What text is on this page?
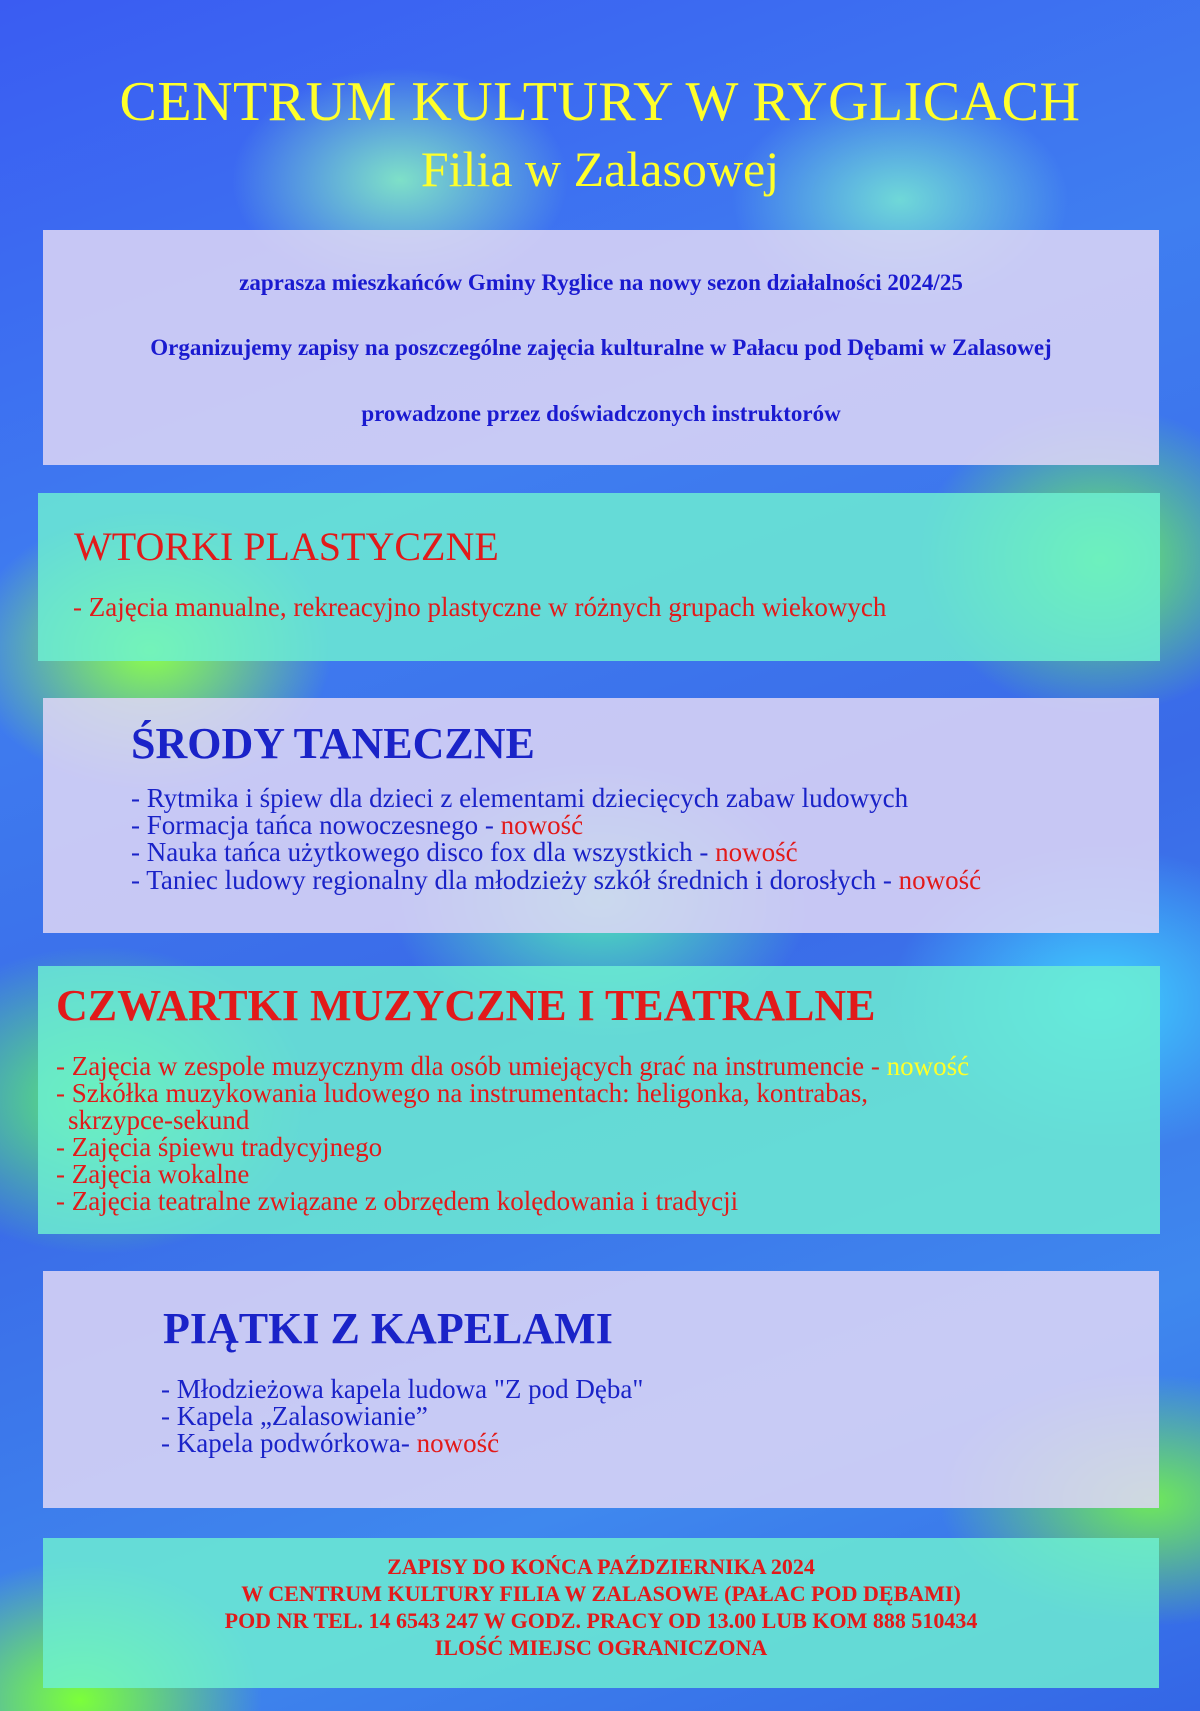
CENTRUM KULTURY W RYGLICACH
Filia w Zalasowej

zaprasza mieszkańców Gminy Ryglice na nowy sezon działalności 2024/25

Organizujemy zapisy na poszczególne zajęcia kulturalne w Pałacu pod Dębami w Zalasowej

prowadzone przez doświadczonych instruktorów

WTORKI PLASTYCZNE

- Zajęcia manualne, rekreacyjno plastyczne w różnych grupach wiekowych

ŚRODY TANECZNE

- Rytmika i śpiew dla dzieci z elementami dziecięcych zabaw ludowych

- Formacja tańca nowoczesnego - nowość

- Nauka tańca użytkowego disco fox dla wszystkich - nowość

- Taniec ludowy regionalny dla młodzieży szkół średnich i dorosłych - nowość

CZWARTKI MUZYCZNE I TEATRALNE

- Zajęcia w zespole muzycznym dla osób umiejących grać na instrumencie - nowość

- Szkółka muzykowania ludowego na instrumentach: heligonka, kontrabas,

skrzypce-sekund

- Zajęcia śpiewu tradycyjnego

- Zajęcia wokalne

- Zajęcia teatralne związane z obrzędem kolędowania i tradycji

PIĄTKI Z KAPELAMI

- Młodzieżowa kapela ludowa "Z pod Dęba"

- Kapela „Zalasowianie”

- Kapela podwórkowa- nowość

ZAPISY DO KOŃCA PAŹDZIERNIKA 2024

W CENTRUM KULTURY FILIA W ZALASOWE (PAŁAC POD DĘBAMI)

POD NR TEL. 14 6543 247 W GODZ. PRACY OD 13.00 LUB KOM 888 510434

ILOŚĆ MIEJSC OGRANICZONA
